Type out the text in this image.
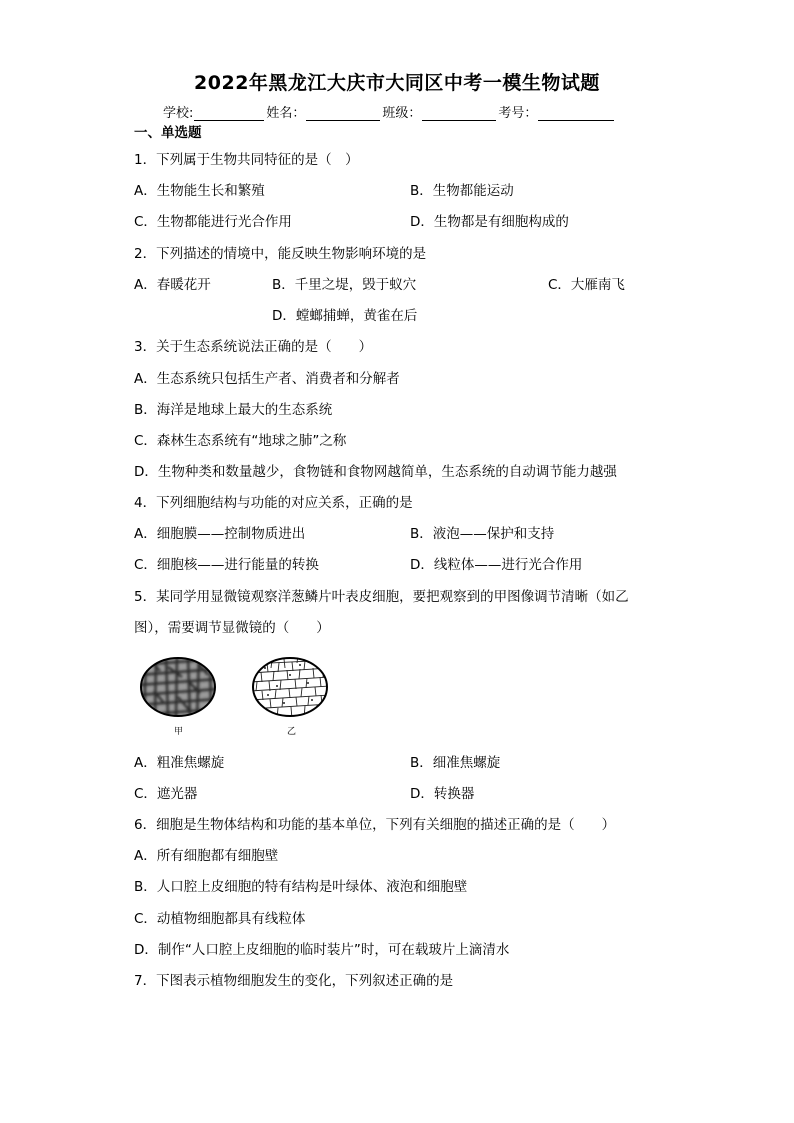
2022年黑龙江大庆市大同区中考一模生物试题
学校:	姓名：	班级：	考号：
一、单选题
1．下列属于生物共同特征的是（　）
A．生物能生长和繁殖	B．生物都能运动
C．生物都能进行光合作用	D．生物都是有细胞构成的
2．下列描述的情境中，能反映生物影响环境的是
A．春暖花开	B．千里之堤，毁于蚁穴	C．大雁南飞
D．螳螂捕蝉，黄雀在后
3．关于生态系统说法正确的是（　　）
A．生态系统只包括生产者、消费者和分解者
B．海洋是地球上最大的生态系统
C．森林生态系统有“地球之肺”之称
D．生物种类和数量越少，食物链和食物网越简单，生态系统的自动调节能力越强
4．下列细胞结构与功能的对应关系，正确的是
A．细胞膜——控制物质进出	B．液泡——保护和支持
C．细胞核——进行能量的转换	D．线粒体——进行光合作用
5．某同学用显微镜观察洋葱鳞片叶表皮细胞，要把观察到的甲图像调节清晰（如乙
图），需要调节显微镜的（　　）
甲	乙
A．粗准焦螺旋	B．细准焦螺旋
C．遮光器	D．转换器
6．细胞是生物体结构和功能的基本单位，下列有关细胞的描述正确的是（　　）
A．所有细胞都有细胞壁
B．人口腔上皮细胞的特有结构是叶绿体、液泡和细胞壁
C．动植物细胞都具有线粒体
D．制作“人口腔上皮细胞的临时装片”时，可在载玻片上滴清水
7．下图表示植物细胞发生的变化，下列叙述正确的是
